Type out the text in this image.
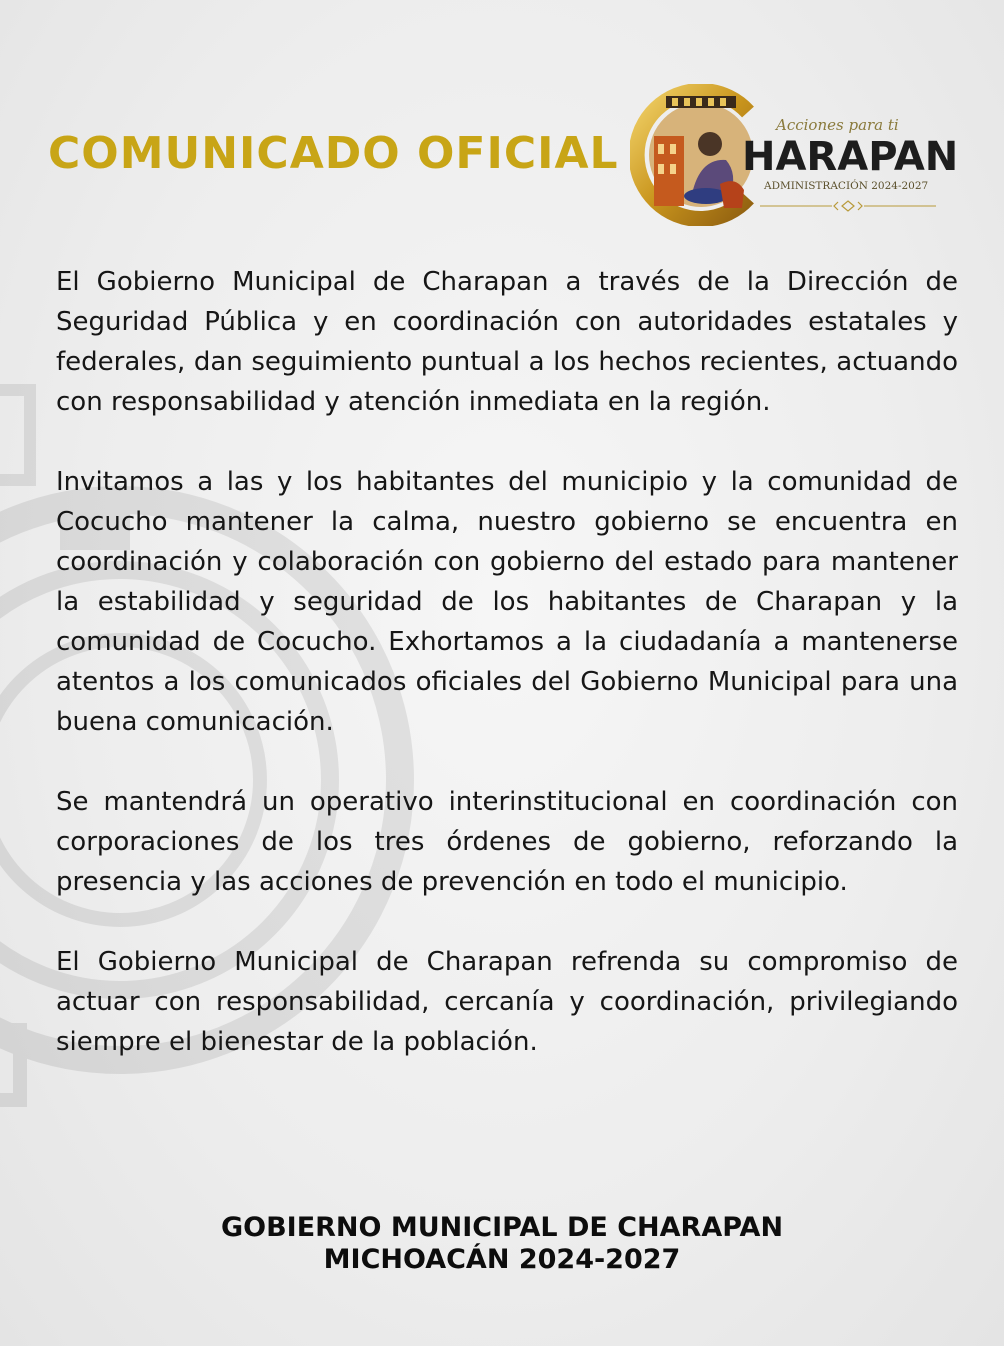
COMUNICADO OFICIAL
Acciones para ti
HARAPAN
ADMINISTRACIÓN 2024-2027

El Gobierno Municipal de Charapan a través de la Dirección de Seguridad Pública y en coordinación con autoridades estatales y federales, dan seguimiento puntual a los hechos recientes, actuando con responsabilidad y atención inmediata en la región.

Invitamos a las y los habitantes del municipio y la comunidad de Cocucho mantener la calma, nuestro gobierno se encuentra en coordinación y colaboración con gobierno del estado para mantener la estabilidad y seguridad de los habitantes de Charapan y la comunidad de Cocucho. Exhortamos a la ciudadanía a mantenerse atentos a los comunicados oficiales del Gobierno Municipal para una buena comunicación.

Se mantendrá un operativo interinstitucional en coordinación con corporaciones de los tres órdenes de gobierno, reforzando la presencia y las acciones de prevención en todo el municipio.

El Gobierno Municipal de Charapan refrenda su compromiso de actuar con responsabilidad, cercanía y coordinación, privilegiando siempre el bienestar de la población.

GOBIERNO MUNICIPAL DE CHARAPAN
MICHOACÁN 2024-2027
